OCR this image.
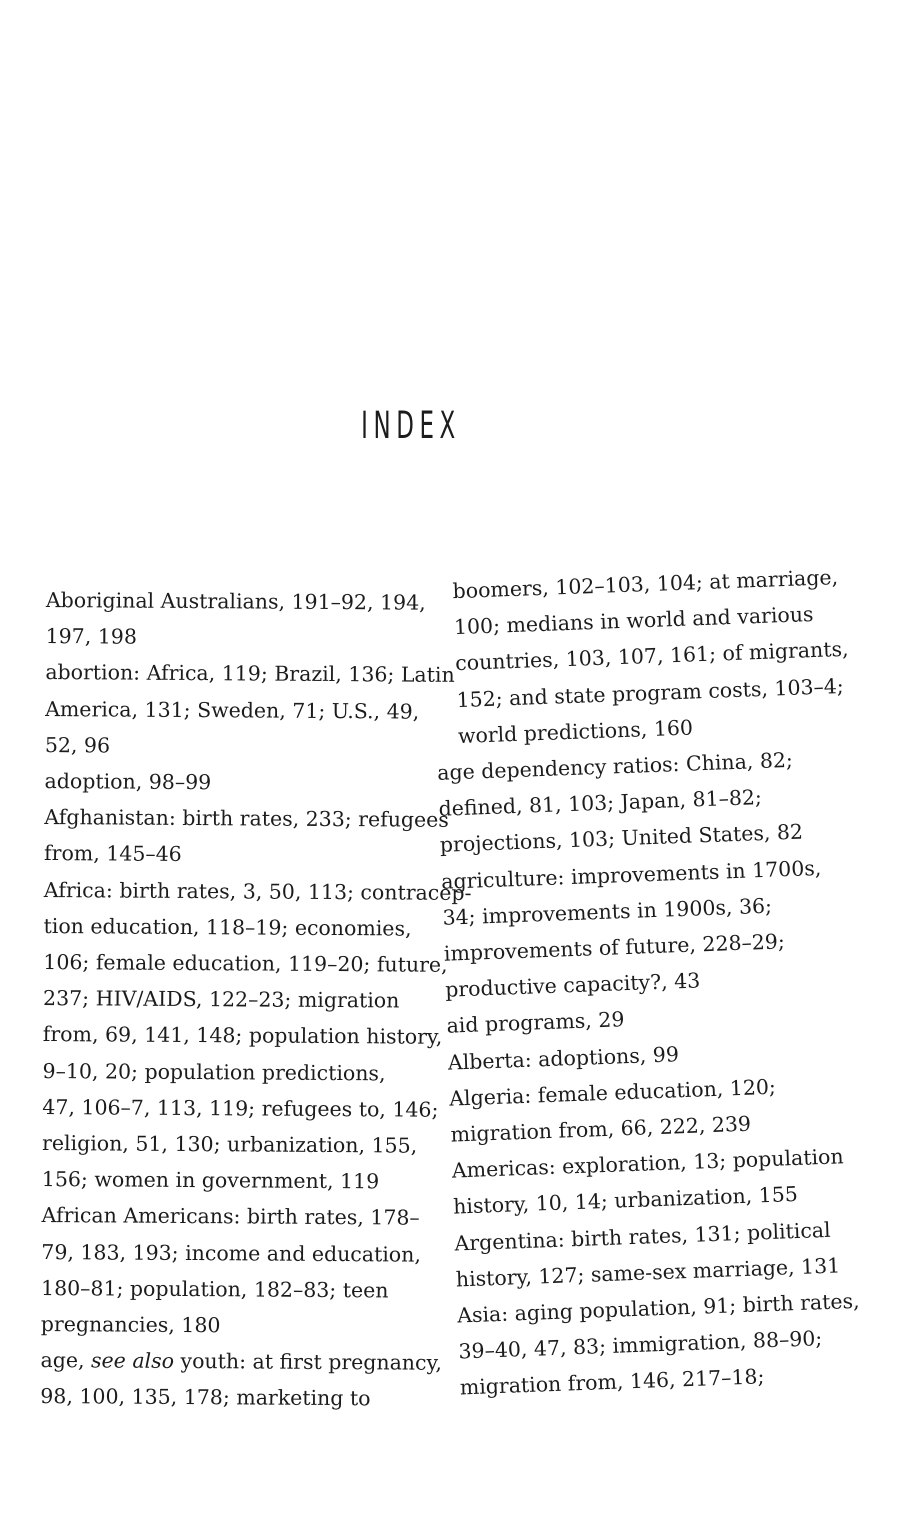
INDEX
Aboriginal Australians, 191–92, 194,
197, 198
abortion: Africa, 119; Brazil, 136; Latin
America, 131; Sweden, 71; U.S., 49,
52, 96
adoption, 98–99
Afghanistan: birth rates, 233; refugees
from, 145–46
Africa: birth rates, 3, 50, 113; contracep-
tion education, 118–19; economies,
106; female education, 119–20; future,
237; HIV/AIDS, 122–23; migration
from, 69, 141, 148; population history,
9–10, 20; population predictions,
47, 106–7, 113, 119; refugees to, 146;
religion, 51, 130; urbanization, 155,
156; women in government, 119
African Americans: birth rates, 178–
79, 183, 193; income and education,
180–81; population, 182–83; teen
pregnancies, 180
age, see also youth: at first pregnancy,
98, 100, 135, 178; marketing to
boomers, 102–103, 104; at marriage,
100; medians in world and various
countries, 103, 107, 161; of migrants,
152; and state program costs, 103–4;
world predictions, 160
age dependency ratios: China, 82;
defined, 81, 103; Japan, 81–82;
projections, 103; United States, 82
agriculture: improvements in 1700s,
34; improvements in 1900s, 36;
improvements of future, 228–29;
productive capacity?, 43
aid programs, 29
Alberta: adoptions, 99
Algeria: female education, 120;
migration from, 66, 222, 239
Americas: exploration, 13; population
history, 10, 14; urbanization, 155
Argentina: birth rates, 131; political
history, 127; same-sex marriage, 131
Asia: aging population, 91; birth rates,
39–40, 47, 83; immigration, 88–90;
migration from, 146, 217–18;
